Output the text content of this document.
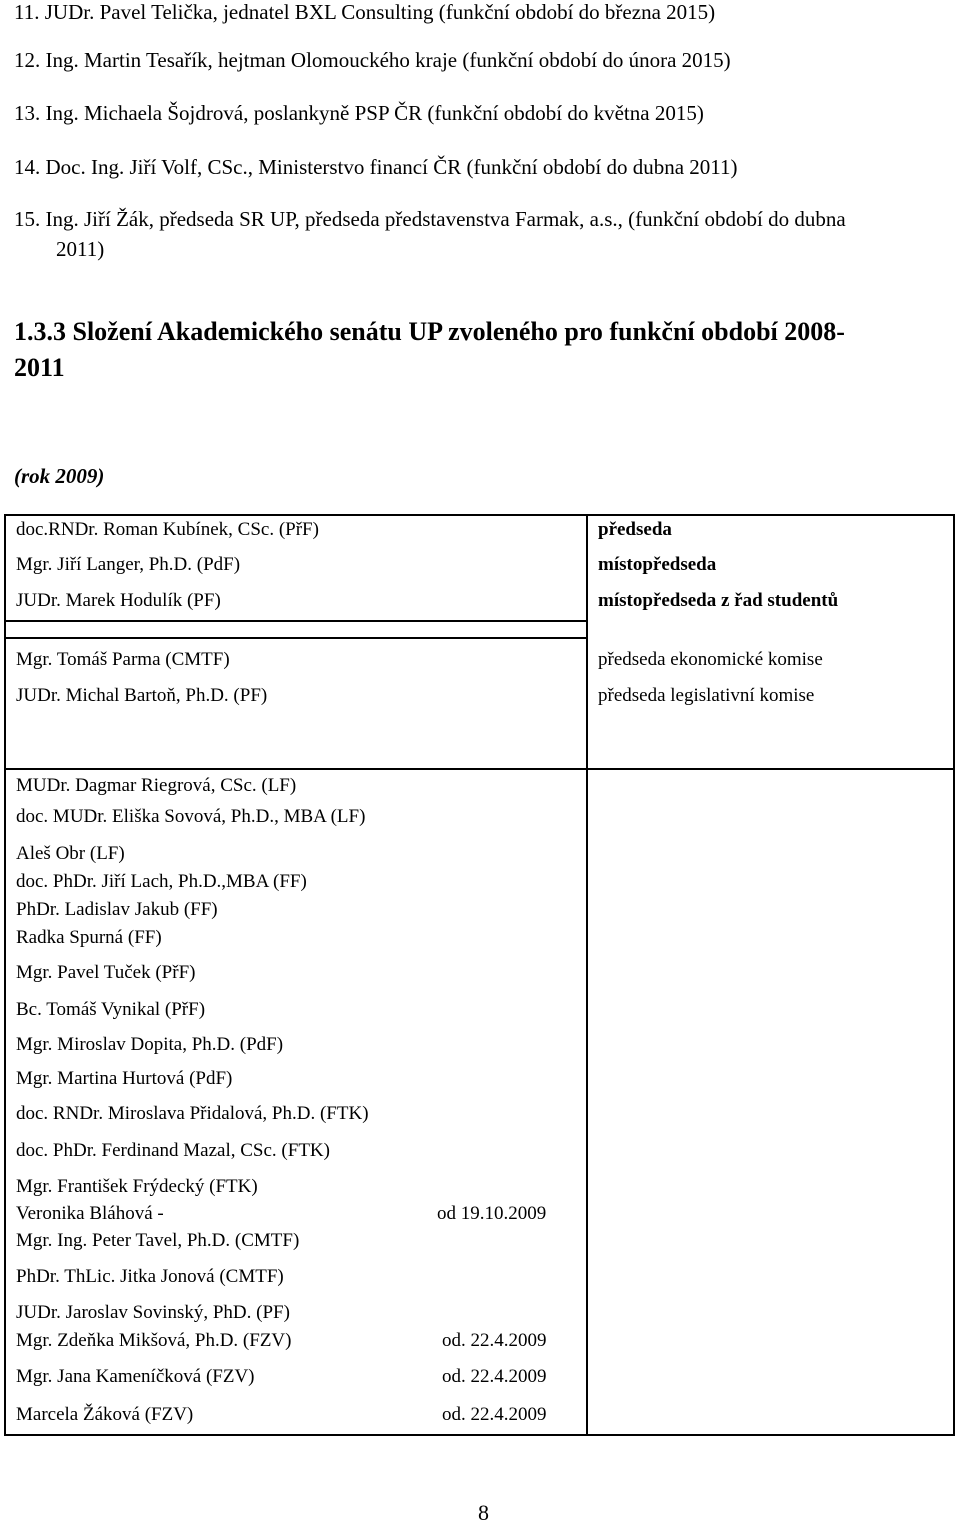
11. JUDr. Pavel Telička, jednatel BXL Consulting (funkční období do března 2015)
12. Ing. Martin Tesařík, hejtman Olomouckého kraje (funkční období do února 2015)
13. Ing. Michaela Šojdrová, poslankyně PSP ČR (funkční období do května 2015)
14. Doc. Ing. Jiří Volf, CSc., Ministerstvo financí ČR (funkční období do dubna 2011)
15. Ing. Jiří Žák, předseda SR UP, předseda představenstva Farmak, a.s., (funkční období do dubna
2011)
1.3.3 Složení Akademického senátu UP zvoleného pro funkční období 2008-
2011
(rok 2009)
doc.RNDr. Roman Kubínek, CSc. (PřF)	předseda
Mgr. Jiří Langer, Ph.D. (PdF)	místopředseda
JUDr. Marek Hodulík (PF)	místopředseda z řad studentů
Mgr. Tomáš Parma (CMTF)	předseda ekonomické komise
JUDr. Michal Bartoň, Ph.D. (PF)	předseda legislativní komise
MUDr. Dagmar Riegrová, CSc. (LF)
doc. MUDr. Eliška Sovová, Ph.D., MBA (LF)
Aleš Obr (LF)
doc. PhDr. Jiří Lach, Ph.D.,MBA (FF)
PhDr. Ladislav Jakub (FF)
Radka Spurná (FF)
Mgr. Pavel Tuček (PřF)
Bc. Tomáš Vynikal (PřF)
Mgr. Miroslav Dopita, Ph.D. (PdF)
Mgr. Martina Hurtová (PdF)
doc. RNDr. Miroslava Přidalová, Ph.D. (FTK)
doc. PhDr. Ferdinand Mazal, CSc. (FTK)
Mgr. František Frýdecký (FTK)
Veronika Bláhová -	od 19.10.2009
Mgr. Ing. Peter Tavel, Ph.D. (CMTF)
PhDr. ThLic. Jitka Jonová (CMTF)
JUDr. Jaroslav Sovinský, PhD. (PF)
Mgr. Zdeňka Mikšová, Ph.D. (FZV)	od. 22.4.2009
Mgr. Jana Kameníčková (FZV)	od. 22.4.2009
Marcela Žáková (FZV)	od. 22.4.2009
8
